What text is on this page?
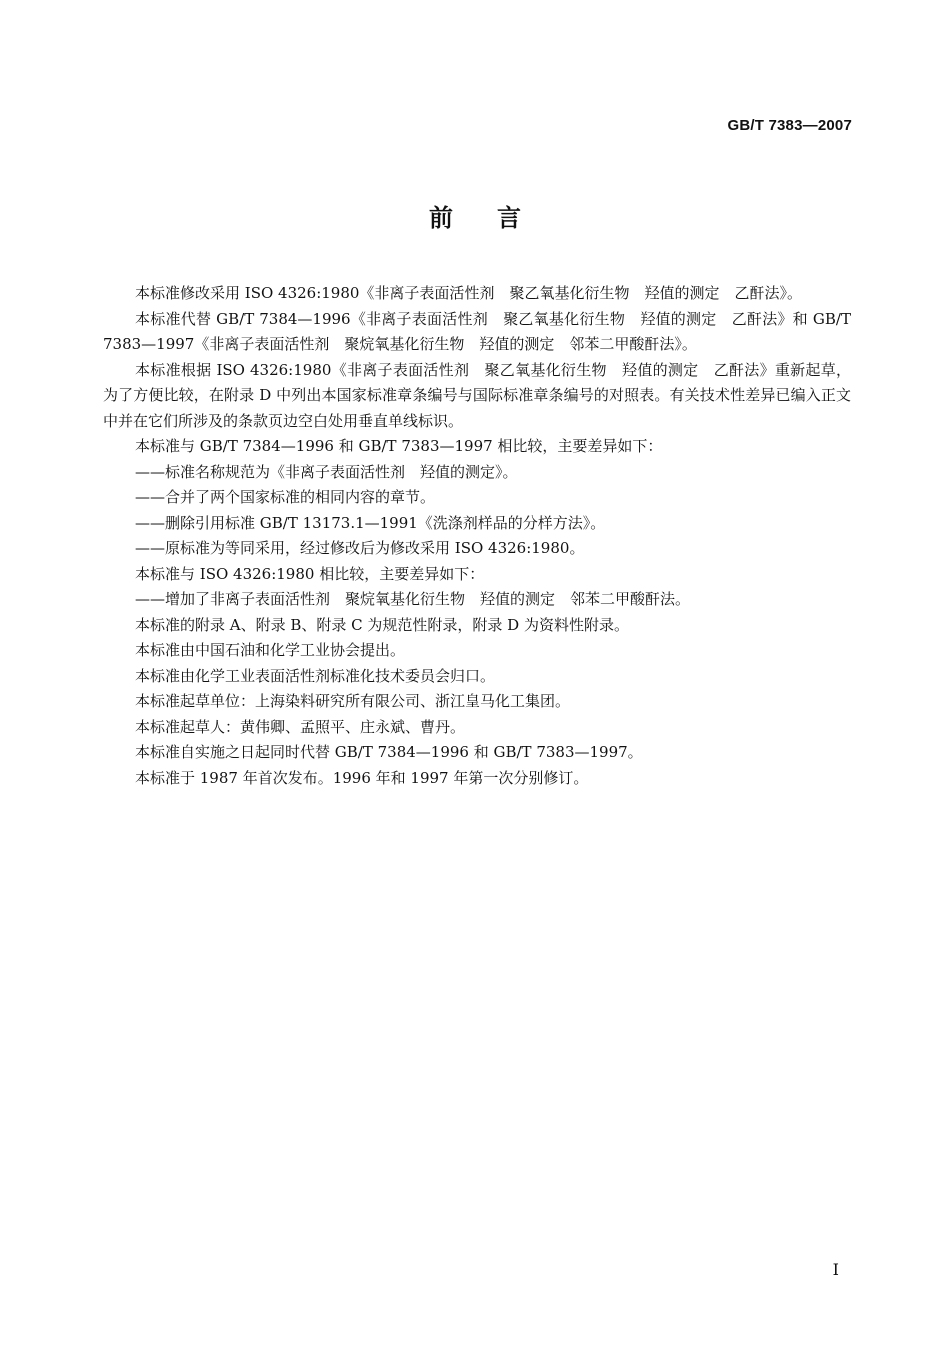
GB/T 7383—2007
前言

本标准修改采用 ISO 4326:1980《非离子表面活性剂　聚乙氧基化衍生物　羟值的测定　乙酐法》。

本标准代替 GB/T 7384—1996《非离子表面活性剂　聚乙氧基化衍生物　羟值的测定　乙酐法》和 GB/T 7383—1997《非离子表面活性剂　聚烷氧基化衍生物　羟值的测定　邻苯二甲酸酐法》。

本标准根据 ISO 4326:1980《非离子表面活性剂　聚乙氧基化衍生物　羟值的测定　乙酐法》重新起草，为了方便比较，在附录 D 中列出本国家标准章条编号与国际标准章条编号的对照表。有关技术性差异已编入正文中并在它们所涉及的条款页边空白处用垂直单线标识。

本标准与 GB/T 7384—1996 和 GB/T 7383—1997 相比较，主要差异如下：

——标准名称规范为《非离子表面活性剂　羟值的测定》。

——合并了两个国家标准的相同内容的章节。

——删除引用标准 GB/T 13173.1—1991《洗涤剂样品的分样方法》。

——原标准为等同采用，经过修改后为修改采用 ISO 4326:1980。

本标准与 ISO 4326:1980 相比较，主要差异如下：

——增加了非离子表面活性剂　聚烷氧基化衍生物　羟值的测定　邻苯二甲酸酐法。

本标准的附录 A、附录 B、附录 C 为规范性附录，附录 D 为资料性附录。

本标准由中国石油和化学工业协会提出。

本标准由化学工业表面活性剂标准化技术委员会归口。

本标准起草单位：上海染料研究所有限公司、浙江皇马化工集团。

本标准起草人：黄伟卿、孟照平、庄永斌、曹丹。

本标准自实施之日起同时代替 GB/T 7384—1996 和 GB/T 7383—1997。

本标准于 1987 年首次发布。1996 年和 1997 年第一次分别修订。

I
